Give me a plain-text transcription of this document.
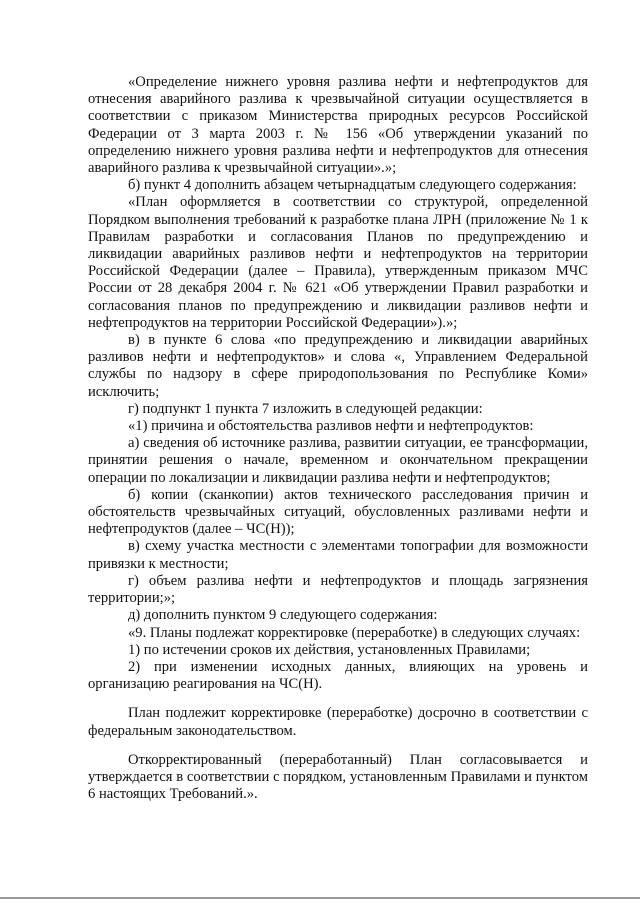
«Определение нижнего уровня разлива нефти и нефтепродуктов для отнесения аварийного разлива к чрезвычайной ситуации осуществляется в соответствии с приказом Министерства природных ресурсов Российской Федерации от 3 марта 2003 г. № 156 «Об утверждении указаний по определению нижнего уровня разлива нефти и нефтепродуктов для отнесения аварийного разлива к чрезвычайной ситуации».»;

б) пункт 4 дополнить абзацем четырнадцатым следующего содержания:

«План оформляется в соответствии со структурой, определенной Порядком выполнения требований к разработке плана ЛРН (приложение № 1 к Правилам разработки и согласования Планов по предупреждению и ликвидации аварийных разливов нефти и нефтепродуктов на территории Российской Федерации (далее – Правила), утвержденным приказом МЧС России от 28 декабря 2004 г. № 621 «Об утверждении Правил разработки и согласования планов по предупреждению и ликвидации разливов нефти и нефтепродуктов на территории Российской Федерации»).»;

в) в пункте 6 слова «по предупреждению и ликвидации аварийных разливов нефти и нефтепродуктов» и слова «, Управлением Федеральной службы по надзору в сфере природопользования по Республике Коми» исключить;

г) подпункт 1 пункта 7 изложить в следующей редакции:

«1) причина и обстоятельства разливов нефти и нефтепродуктов:

а) сведения об источнике разлива, развитии ситуации, ее трансформации, принятии решения о начале, временном и окончательном прекращении операции по локализации и ликвидации разлива нефти и нефтепродуктов;

б) копии (сканкопии) актов технического расследования причин и обстоятельств чрезвычайных ситуаций, обусловленных разливами нефти и нефтепродуктов (далее – ЧС(Н));

в) схему участка местности с элементами топографии для возможности привязки к местности;

г) объем разлива нефти и нефтепродуктов и площадь загрязнения территории;»;

д) дополнить пунктом 9 следующего содержания:

«9. Планы подлежат корректировке (переработке) в следующих случаях:

1) по истечении сроков их действия, установленных Правилами;

2) при изменении исходных данных, влияющих на уровень и организацию реагирования на ЧС(Н).

План подлежит корректировке (переработке) досрочно в соответствии с федеральным законодательством.

Откорректированный (переработанный) План согласовывается и утверждается в соответствии с порядком, установленным Правилами и пунктом 6 настоящих Требований.».
